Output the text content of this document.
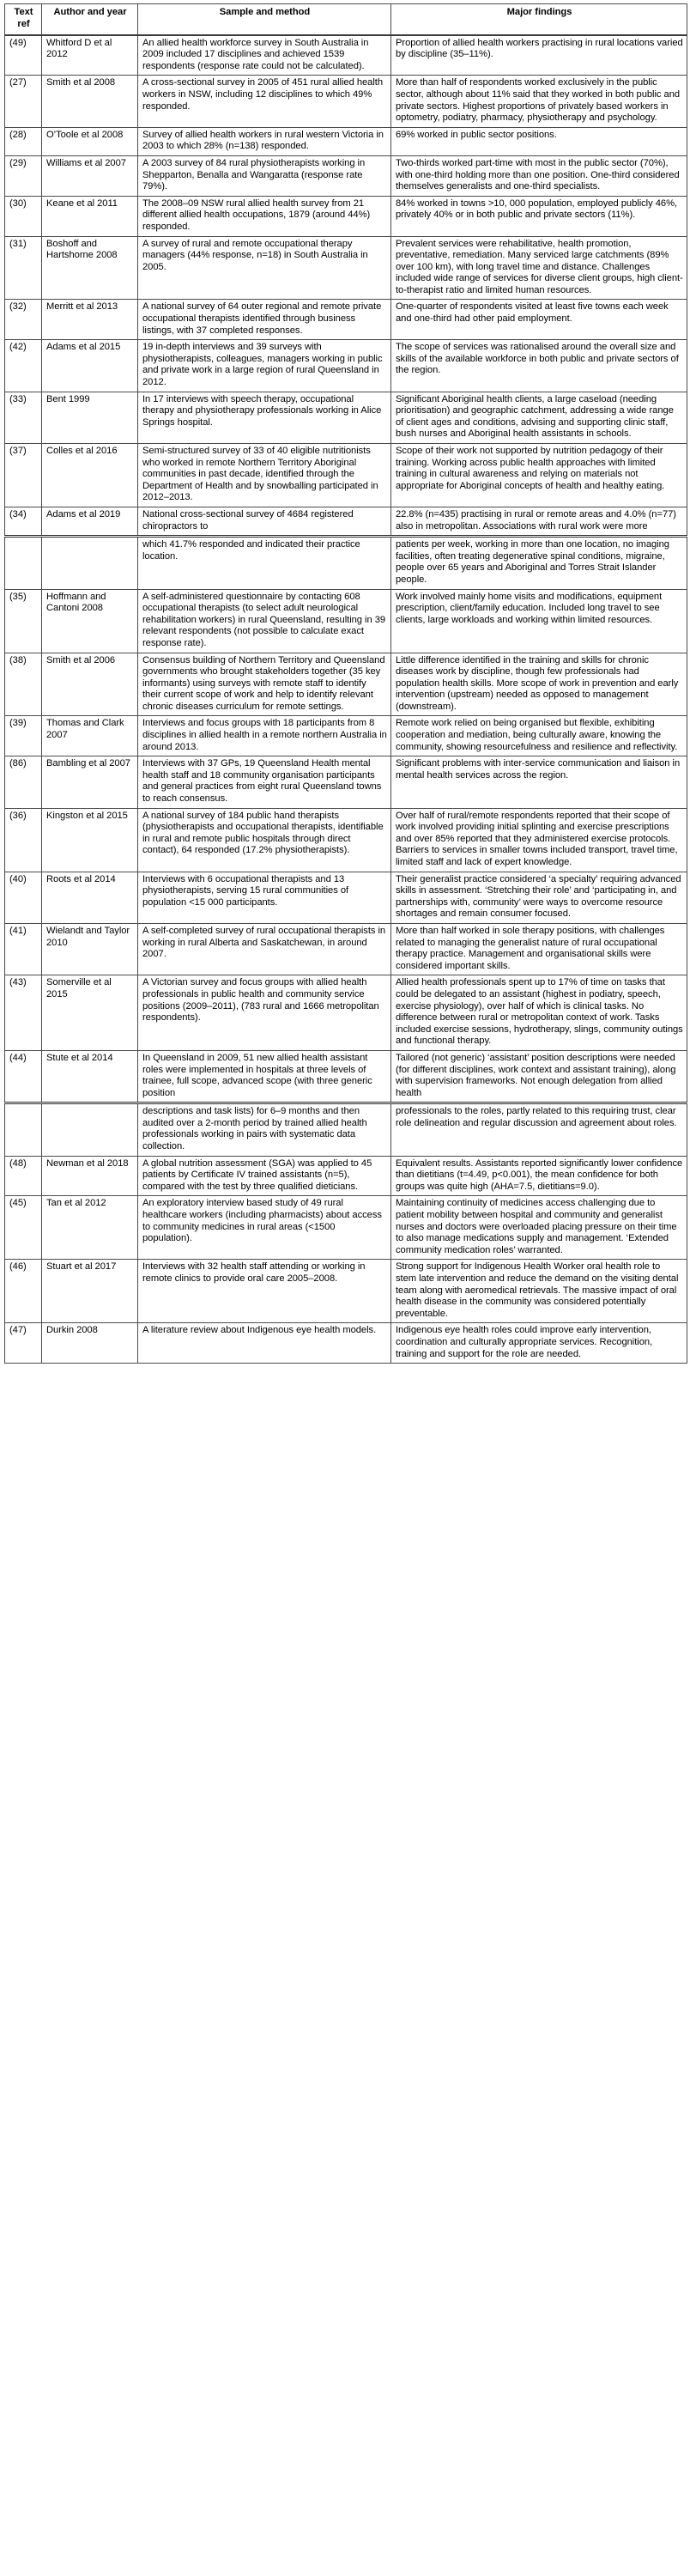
Text ref	Author and year	Sample and method	Major findings
(49)	Whitford D et al 2012	An allied health workforce survey in South Australia in 2009 included 17 disciplines and achieved 1539 respondents (response rate could not be calculated).	Proportion of allied health workers practising in rural locations varied by discipline (35–11%).
(27)	Smith et al 2008	A cross-sectional survey in 2005 of 451 rural allied health workers in NSW, including 12 disciplines to which 49% responded.	More than half of respondents worked exclusively in the public sector, although about 11% said that they worked in both public and private sectors. Highest proportions of privately based workers in optometry, podiatry, pharmacy, physiotherapy and psychology.
(28)	O’Toole et al 2008	Survey of allied health workers in rural western Victoria in 2003 to which 28% (n=138) responded.	69% worked in public sector positions.
(29)	Williams et al 2007	A 2003 survey of 84 rural physiotherapists working in Shepparton, Benalla and Wangaratta (response rate 79%).	Two-thirds worked part-time with most in the public sector (70%), with one-third holding more than one position. One-third considered themselves generalists and one-third specialists.
(30)	Keane et al 2011	The 2008–09 NSW rural allied health survey from 21 different allied health occupations, 1879 (around 44%) responded.	84% worked in towns >10, 000 population, employed publicly 46%, privately 40% or in both public and private sectors (11%).
(31)	Boshoff and Hartshorne 2008	A survey of rural and remote occupational therapy managers (44% response, n=18) in South Australia in 2005.	Prevalent services were rehabilitative, health promotion, preventative, remediation. Many serviced large catchments (89% over 100 km), with long travel time and distance. Challenges included wide range of services for diverse client groups, high client-to-therapist ratio and limited human resources.
(32)	Merritt et al 2013	A national survey of 64 outer regional and remote private occupational therapists identified through business listings, with 37 completed responses.	One-quarter of respondents visited at least five towns each week and one-third had other paid employment.
(42)	Adams et al 2015	19 in-depth interviews and 39 surveys with physiotherapists, colleagues, managers working in public and private work in a large region of rural Queensland in 2012.	The scope of services was rationalised around the overall size and skills of the available workforce in both public and private sectors of the region.
(33)	Bent 1999	In 17 interviews with speech therapy, occupational therapy and physiotherapy professionals working in Alice Springs hospital.	Significant Aboriginal health clients, a large caseload (needing prioritisation) and geographic catchment, addressing a wide range of client ages and conditions, advising and supporting clinic staff, bush nurses and Aboriginal health assistants in schools.
(37)	Colles et al 2016	Semi-structured survey of 33 of 40 eligible nutritionists who worked in remote Northern Territory Aboriginal communities in past decade, identified through the Department of Health and by snowballing participated in 2012–2013.	Scope of their work not supported by nutrition pedagogy of their training. Working across public health approaches with limited training in cultural awareness and relying on materials not appropriate for Aboriginal concepts of health and healthy eating.
(34)	Adams et al 2019	National cross-sectional survey of 4684 registered chiropractors to	22.8% (n=435) practising in rural or remote areas and 4.0% (n=77) also in metropolitan. Associations with rural work were more
		which 41.7% responded and indicated their practice location.	patients per week, working in more than one location, no imaging facilities, often treating degenerative spinal conditions, migraine, people over 65 years and Aboriginal and Torres Strait Islander people.
(35)	Hoffmann and Cantoni 2008	A self-administered questionnaire by contacting 608 occupational therapists (to select adult neurological rehabilitation workers) in rural Queensland, resulting in 39 relevant respondents (not possible to calculate exact response rate).	Work involved mainly home visits and modifications, equipment prescription, client/family education. Included long travel to see clients, large workloads and working within limited resources.
(38)	Smith et al 2006	Consensus building of Northern Territory and Queensland governments who brought stakeholders together (35 key informants) using surveys with remote staff to identify their current scope of work and help to identify relevant chronic diseases curriculum for remote settings.	Little difference identified in the training and skills for chronic diseases work by discipline, though few professionals had population health skills. More scope of work in prevention and early intervention (upstream) needed as opposed to management (downstream).
(39)	Thomas and Clark 2007	Interviews and focus groups with 18 participants from 8 disciplines in allied health in a remote northern Australia in around 2013.	Remote work relied on being organised but flexible, exhibiting cooperation and mediation, being culturally aware, knowing the community, showing resourcefulness and resilience and reflectivity.
(86)	Bambling et al 2007	Interviews with 37 GPs, 19 Queensland Health mental health staff and 18 community organisation participants and general practices from eight rural Queensland towns to reach consensus.	Significant problems with inter-service communication and liaison in mental health services across the region.
(36)	Kingston et al 2015	A national survey of 184 public hand therapists (physiotherapists and occupational therapists, identifiable in rural and remote public hospitals through direct contact), 64 responded (17.2% physiotherapists).	Over half of rural/remote respondents reported that their scope of work involved providing initial splinting and exercise prescriptions and over 85% reported that they administered exercise protocols. Barriers to services in smaller towns included transport, travel time, limited staff and lack of expert knowledge.
(40)	Roots et al 2014	Interviews with 6 occupational therapists and 13 physiotherapists, serving 15 rural communities of population <15 000 participants.	Their generalist practice considered ‘a specialty’ requiring advanced skills in assessment. ‘Stretching their role’ and ‘participating in, and partnerships with, community’ were ways to overcome resource shortages and remain consumer focused.
(41)	Wielandt and Taylor 2010	A self-completed survey of rural occupational therapists in working in rural Alberta and Saskatchewan, in around 2007.	More than half worked in sole therapy positions, with challenges related to managing the generalist nature of rural occupational therapy practice. Management and organisational skills were considered important skills.
(43)	Somerville et al 2015	A Victorian survey and focus groups with allied health professionals in public health and community service positions (2009–2011), (783 rural and 1666 metropolitan respondents).	Allied health professionals spent up to 17% of time on tasks that could be delegated to an assistant (highest in podiatry, speech, exercise physiology), over half of which is clinical tasks. No difference between rural or metropolitan context of work. Tasks included exercise sessions, hydrotherapy, slings, community outings and functional therapy.
(44)	Stute et al 2014	In Queensland in 2009, 51 new allied health assistant roles were implemented in hospitals at three levels of trainee, full scope, advanced scope (with three generic position	Tailored (not generic) ‘assistant’ position descriptions were needed (for different disciplines, work context and assistant training), along with supervision frameworks. Not enough delegation from allied health
		descriptions and task lists) for 6–9 months and then audited over a 2-month period by trained allied health professionals working in pairs with systematic data collection.	professionals to the roles, partly related to this requiring trust, clear role delineation and regular discussion and agreement about roles.
(48)	Newman et al 2018	A global nutrition assessment (SGA) was applied to 45 patients by Certificate IV trained assistants (n=5), compared with the test by three qualified dieticians.	Equivalent results. Assistants reported significantly lower confidence than dietitians (t=4.49, p<0.001), the mean confidence for both groups was quite high (AHA=7.5, dietitians=9.0).
(45)	Tan et al 2012	An exploratory interview based study of 49 rural healthcare workers (including pharmacists) about access to community medicines in rural areas (<1500 population).	Maintaining continuity of medicines access challenging due to patient mobility between hospital and community and generalist nurses and doctors were overloaded placing pressure on their time to also manage medications supply and management. ‘Extended community medication roles’ warranted.
(46)	Stuart et al 2017	Interviews with 32 health staff attending or working in remote clinics to provide oral care 2005–2008.	Strong support for Indigenous Health Worker oral health role to stem late intervention and reduce the demand on the visiting dental team along with aeromedical retrievals. The massive impact of oral health disease in the community was considered potentially preventable.
(47)	Durkin 2008	A literature review about Indigenous eye health models.	Indigenous eye health roles could improve early intervention, coordination and culturally appropriate services. Recognition, training and support for the role are needed.
